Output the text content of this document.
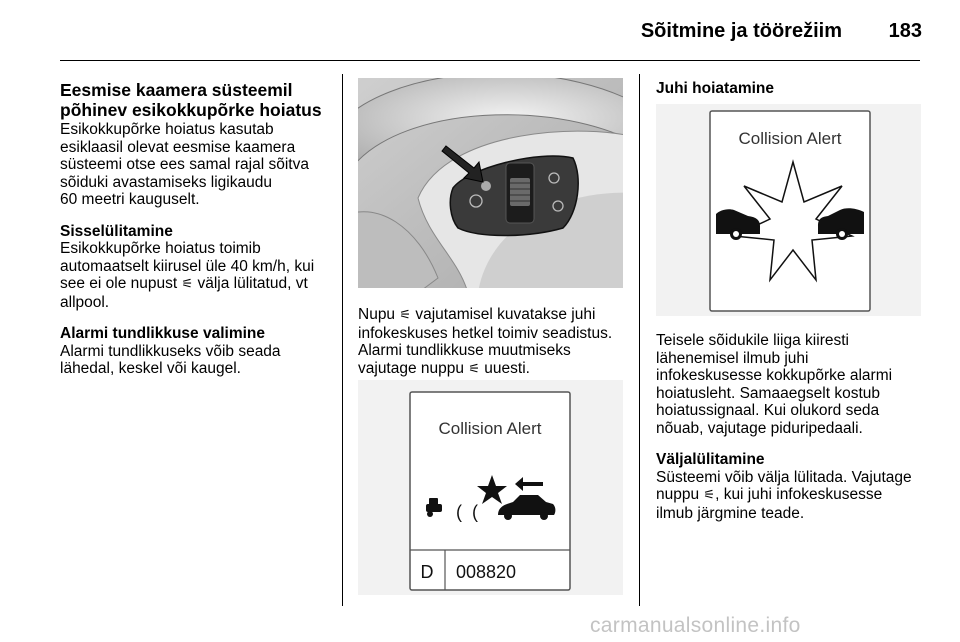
Sõitmine ja töörežiim	183

Eesmise kaamera süsteemil
põhinev esikokkupõrke hoiatus

Esikokkupõrke hoiatus kasutab
esiklaasil olevat eesmise kaamera
süsteemi otse ees samal rajal sõitva
sõiduki avastamiseks ligikaudu
60 meetri kauguselt.

Sisselülitamine

Esikokkupõrke hoiatus toimib
automaatselt kiirusel üle 40 km/h, kui
see ei ole nupust ⚟ välja lülitatud, vt
allpool.

Alarmi tundlikkuse valimine

Alarmi tundlikkuseks võib seada
lähedal, keskel või kaugel.

Nupu ⚟ vajutamisel kuvatakse juhi
infokeskuses hetkel toimiv seadistus.
Alarmi tundlikkuse muutmiseks
vajutage nuppu ⚟ uuesti.

Collision Alert
( (
D 008820

Juhi hoiatamine

Collision Alert

Teisele sõidukile liiga kiiresti
lähenemisel ilmub juhi
infokeskusesse kokkupõrke alarmi
hoiatusleht. Samaaegselt kostub
hoiatussignaal. Kui olukord seda
nõuab, vajutage piduripedaali.

Väljalülitamine

Süsteemi võib välja lülitada. Vajutage
nuppu ⚟, kui juhi infokeskusesse
ilmub järgmine teade.

carmanualsonline.info
